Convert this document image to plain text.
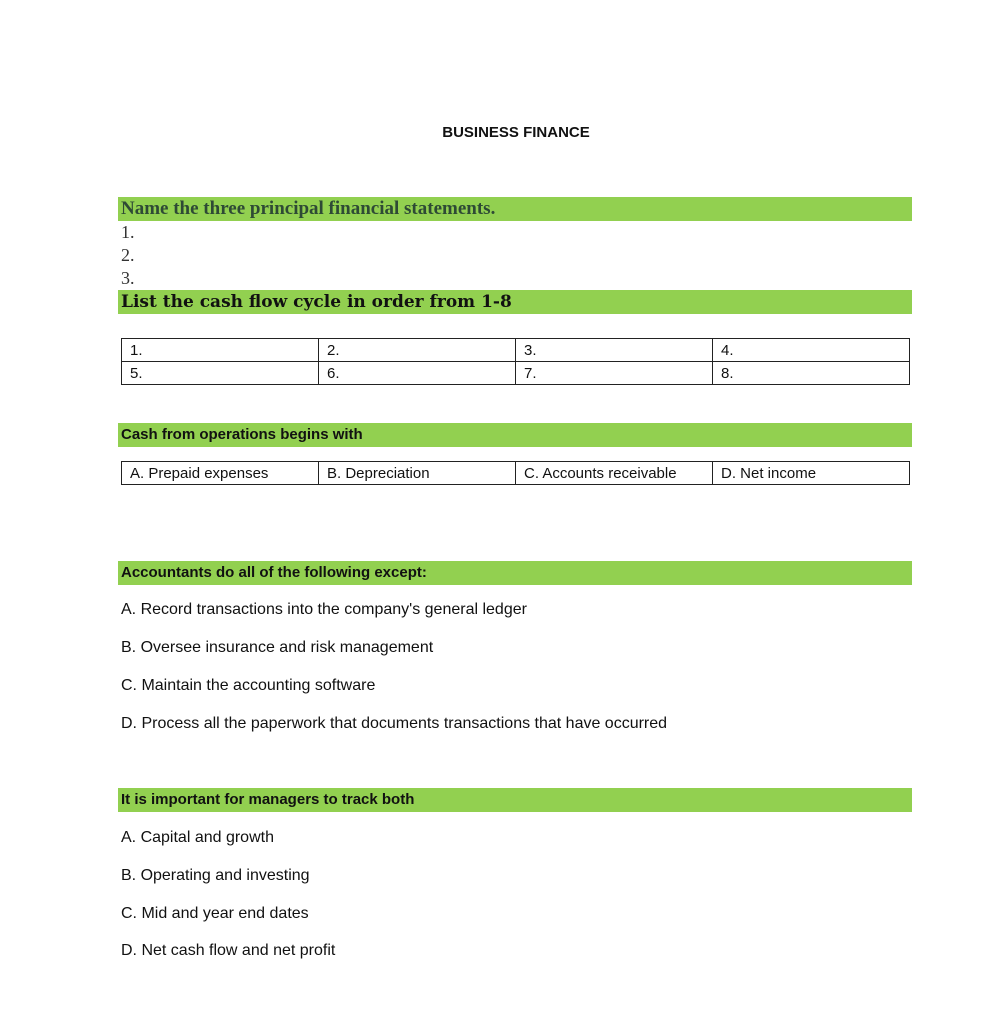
BUSINESS FINANCE
Name the three principal financial statements.
1.
2.
3.
List the cash flow cycle in order from 1-8
1.	2.	3.	4.
5.	6.	7.	8.
Cash from operations begins with
A. Prepaid expenses	B. Depreciation	C. Accounts receivable	D. Net income
Accountants do all of the following except:
A. Record transactions into the company's general ledger
B. Oversee insurance and risk management
C. Maintain the accounting software
D. Process all the paperwork that documents transactions that have occurred
It is important for managers to track both
A. Capital and growth
B. Operating and investing
C. Mid and year end dates
D. Net cash flow and net profit
